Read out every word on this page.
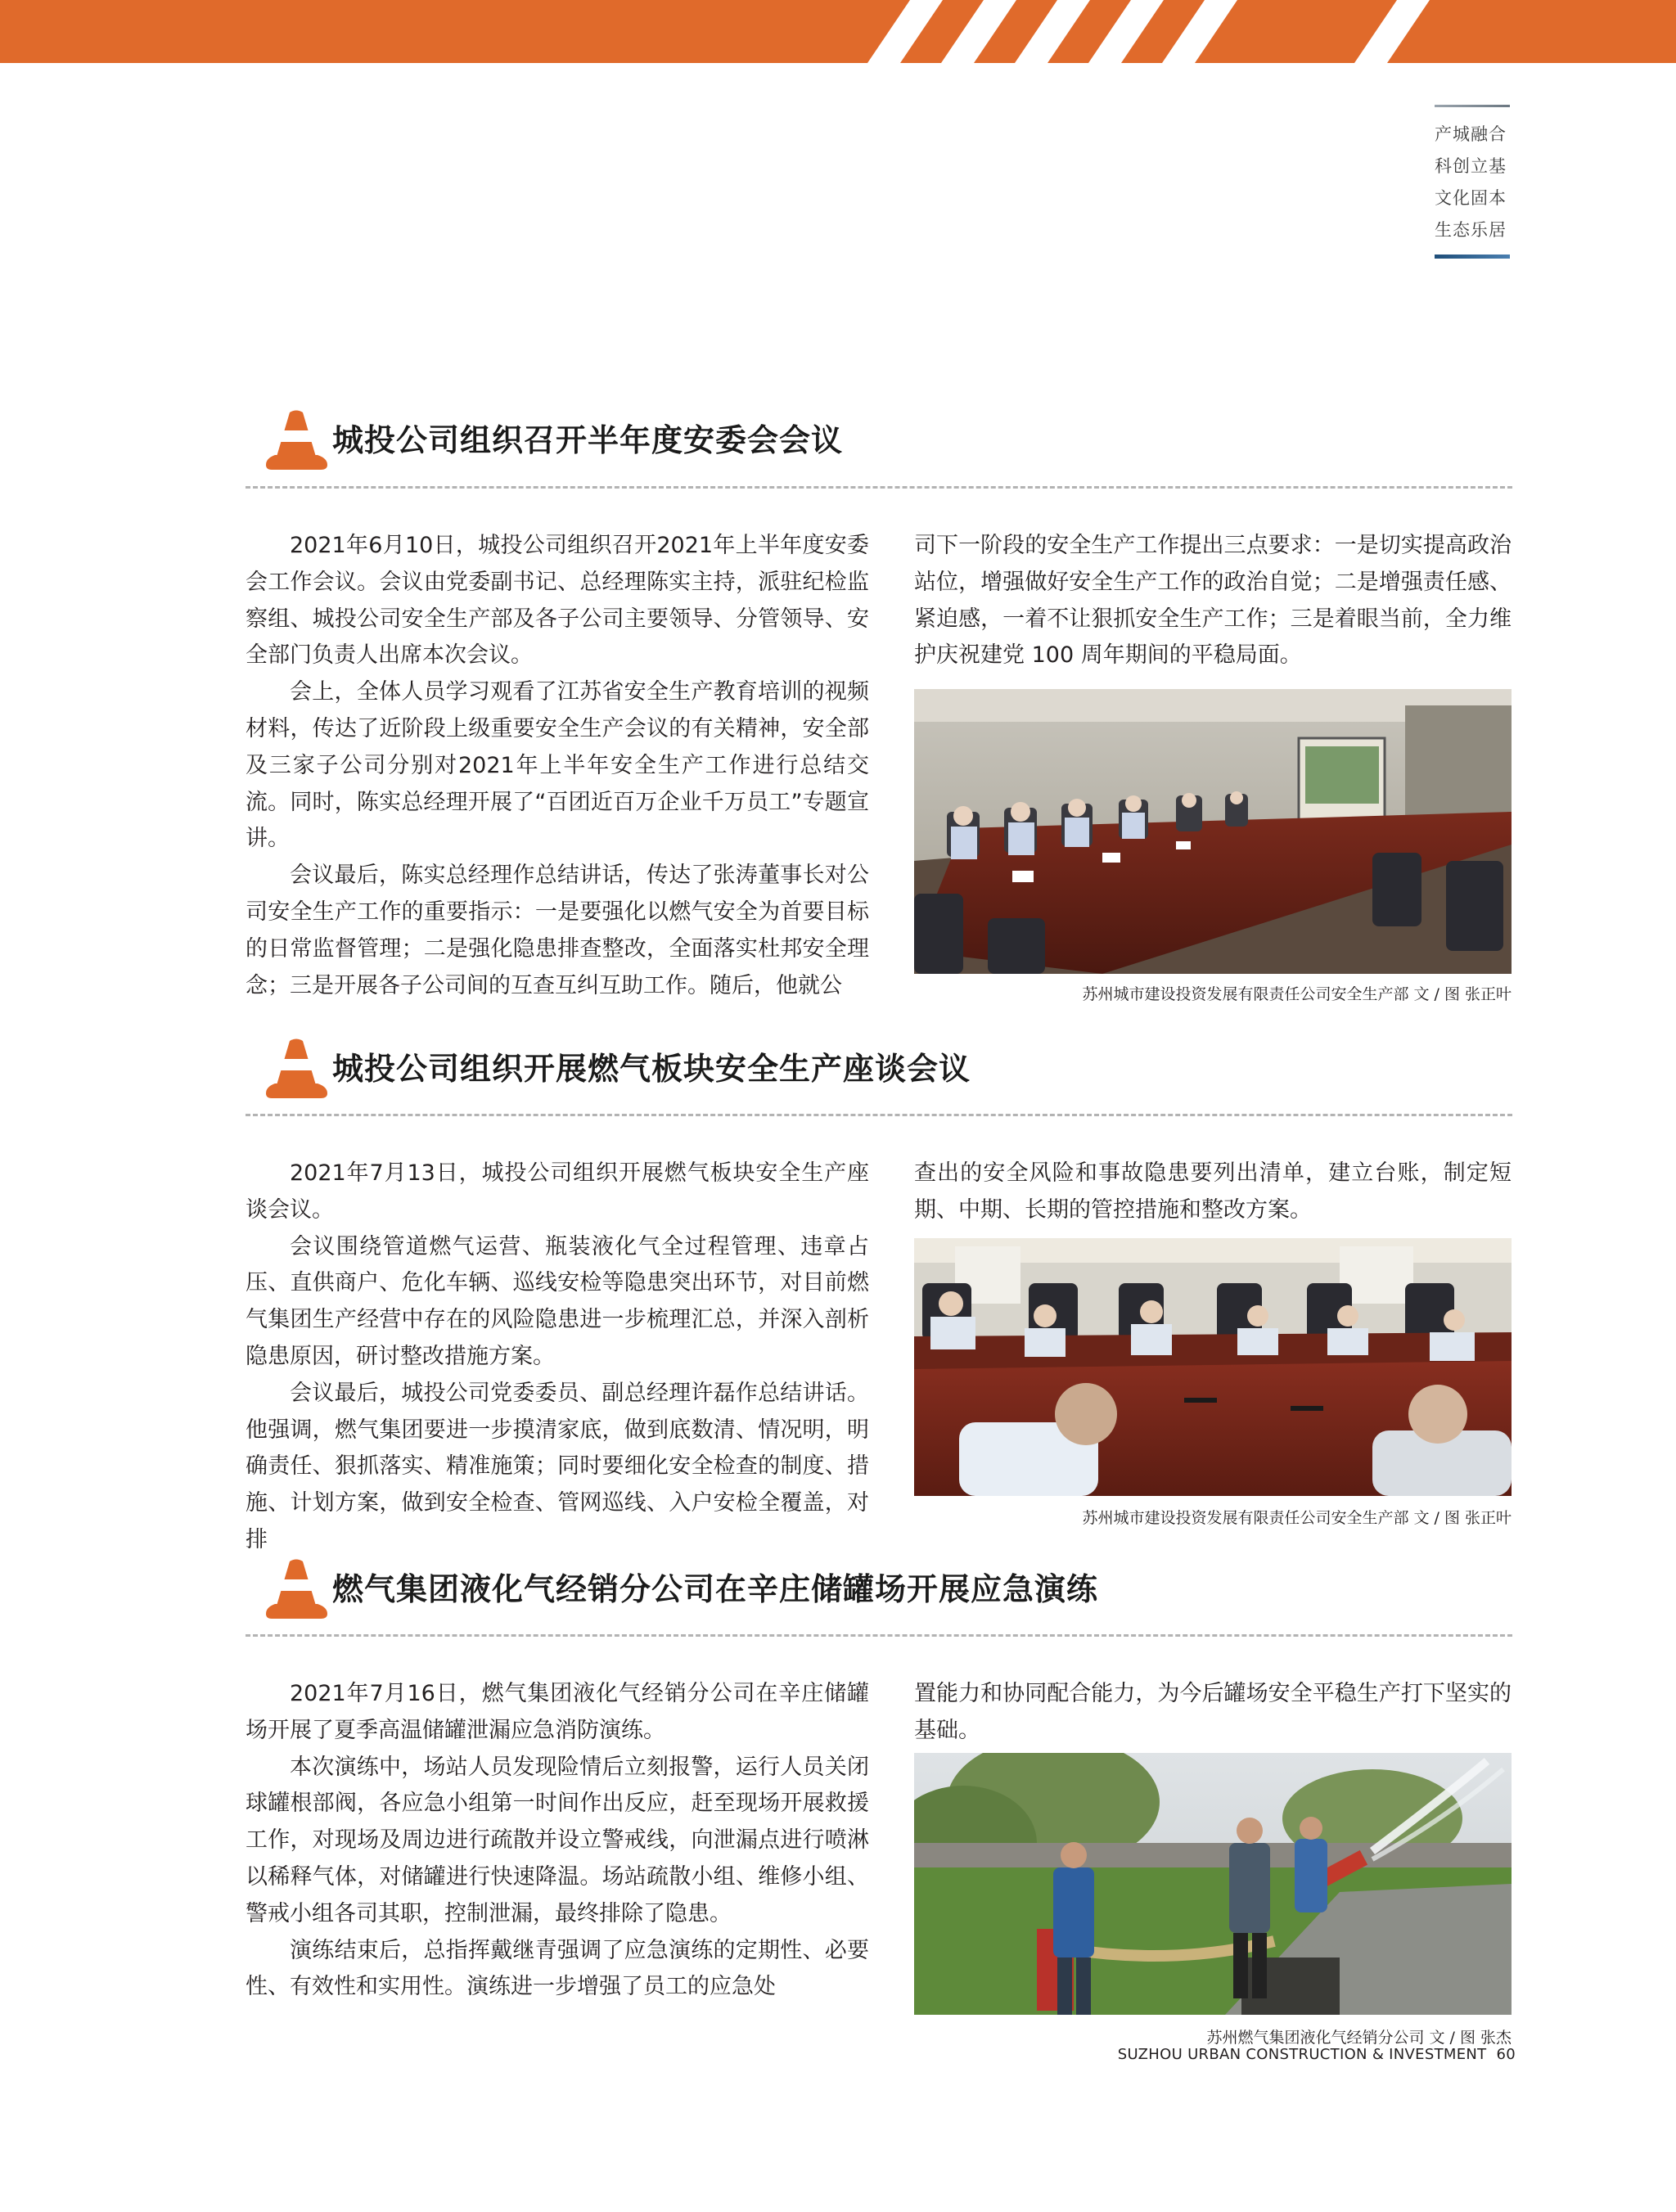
产城融合
科创立基
文化固本
生态乐居
城投公司组织召开半年度安委会会议

2021年6月10日，城投公司组织召开2021年上半年度安委会工作会议。会议由党委副书记、总经理陈实主持，派驻纪检监察组、城投公司安全生产部及各子公司主要领导、分管领导、安全部门负责人出席本次会议。

会上，全体人员学习观看了江苏省安全生产教育培训的视频材料，传达了近阶段上级重要安全生产会议的有关精神，安全部及三家子公司分别对2021年上半年安全生产工作进行总结交流。同时，陈实总经理开展了“百团近百万企业千万员工”专题宣讲。

会议最后，陈实总经理作总结讲话，传达了张涛董事长对公司安全生产工作的重要指示：一是要强化以燃气安全为首要目标的日常监督管理；二是强化隐患排查整改，全面落实杜邦安全理念；三是开展各子公司间的互查互纠互助工作。随后，他就公

司下一阶段的安全生产工作提出三点要求：一是切实提高政治站位，增强做好安全生产工作的政治自觉；二是增强责任感、紧迫感，一着不让狠抓安全生产工作；三是着眼当前，全力维护庆祝建党 100 周年期间的平稳局面。

苏州城市建设投资发展有限责任公司安全生产部 文 / 图 张正叶
城投公司组织开展燃气板块安全生产座谈会议

2021年7月13日，城投公司组织开展燃气板块安全生产座谈会议。

会议围绕管道燃气运营、瓶装液化气全过程管理、违章占压、直供商户、危化车辆、巡线安检等隐患突出环节，对目前燃气集团生产经营中存在的风险隐患进一步梳理汇总，并深入剖析隐患原因，研讨整改措施方案。

会议最后，城投公司党委委员、副总经理许磊作总结讲话。他强调，燃气集团要进一步摸清家底，做到底数清、情况明，明确责任、狠抓落实、精准施策；同时要细化安全检查的制度、措施、计划方案，做到安全检查、管网巡线、入户安检全覆盖，对排

查出的安全风险和事故隐患要列出清单，建立台账，制定短期、中期、长期的管控措施和整改方案。

苏州城市建设投资发展有限责任公司安全生产部 文 / 图 张正叶
燃气集团液化气经销分公司在辛庄储罐场开展应急演练

2021年7月16日，燃气集团液化气经销分公司在辛庄储罐场开展了夏季高温储罐泄漏应急消防演练。

本次演练中，场站人员发现险情后立刻报警，运行人员关闭球罐根部阀，各应急小组第一时间作出反应，赶至现场开展救援工作，对现场及周边进行疏散并设立警戒线，向泄漏点进行喷淋以稀释气体，对储罐进行快速降温。场站疏散小组、维修小组、警戒小组各司其职，控制泄漏，最终排除了隐患。

演练结束后，总指挥戴继青强调了应急演练的定期性、必要性、有效性和实用性。演练进一步增强了员工的应急处

置能力和协同配合能力，为今后罐场安全平稳生产打下坚实的基础。

苏州燃气集团液化气经销分公司 文 / 图 张杰
SUZHOU URBAN CONSTRUCTION & INVESTMENT 60
